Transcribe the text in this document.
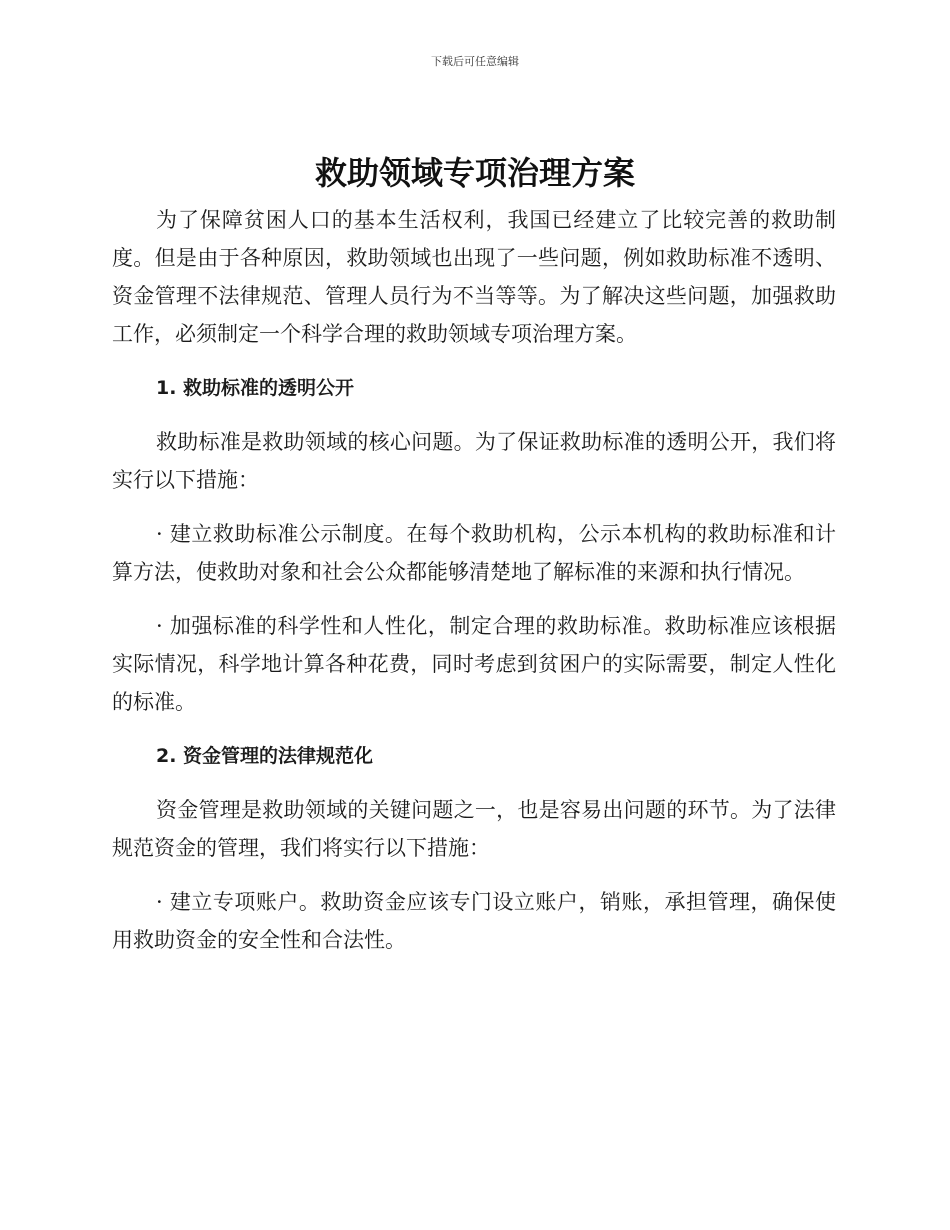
下载后可任意编辑
救助领域专项治理方案

为了保障贫困人口的基本生活权利，我国已经建立了比较完善的救助制度。但是由于各种原因，救助领域也出现了一些问题，例如救助标准不透明、资金管理不法律规范、管理人员行为不当等等。为了解决这些问题，加强救助工作，必须制定一个科学合理的救助领域专项治理方案。

1. 救助标准的透明公开

救助标准是救助领域的核心问题。为了保证救助标准的透明公开，我们将实行以下措施：

· 建立救助标准公示制度。在每个救助机构，公示本机构的救助标准和计算方法，使救助对象和社会公众都能够清楚地了解标准的来源和执行情况。

· 加强标准的科学性和人性化，制定合理的救助标准。救助标准应该根据实际情况，科学地计算各种花费，同时考虑到贫困户的实际需要，制定人性化的标准。

2. 资金管理的法律规范化

资金管理是救助领域的关键问题之一，也是容易出问题的环节。为了法律规范资金的管理，我们将实行以下措施：

· 建立专项账户。救助资金应该专门设立账户，销账，承担管理，确保使用救助资金的安全性和合法性。
